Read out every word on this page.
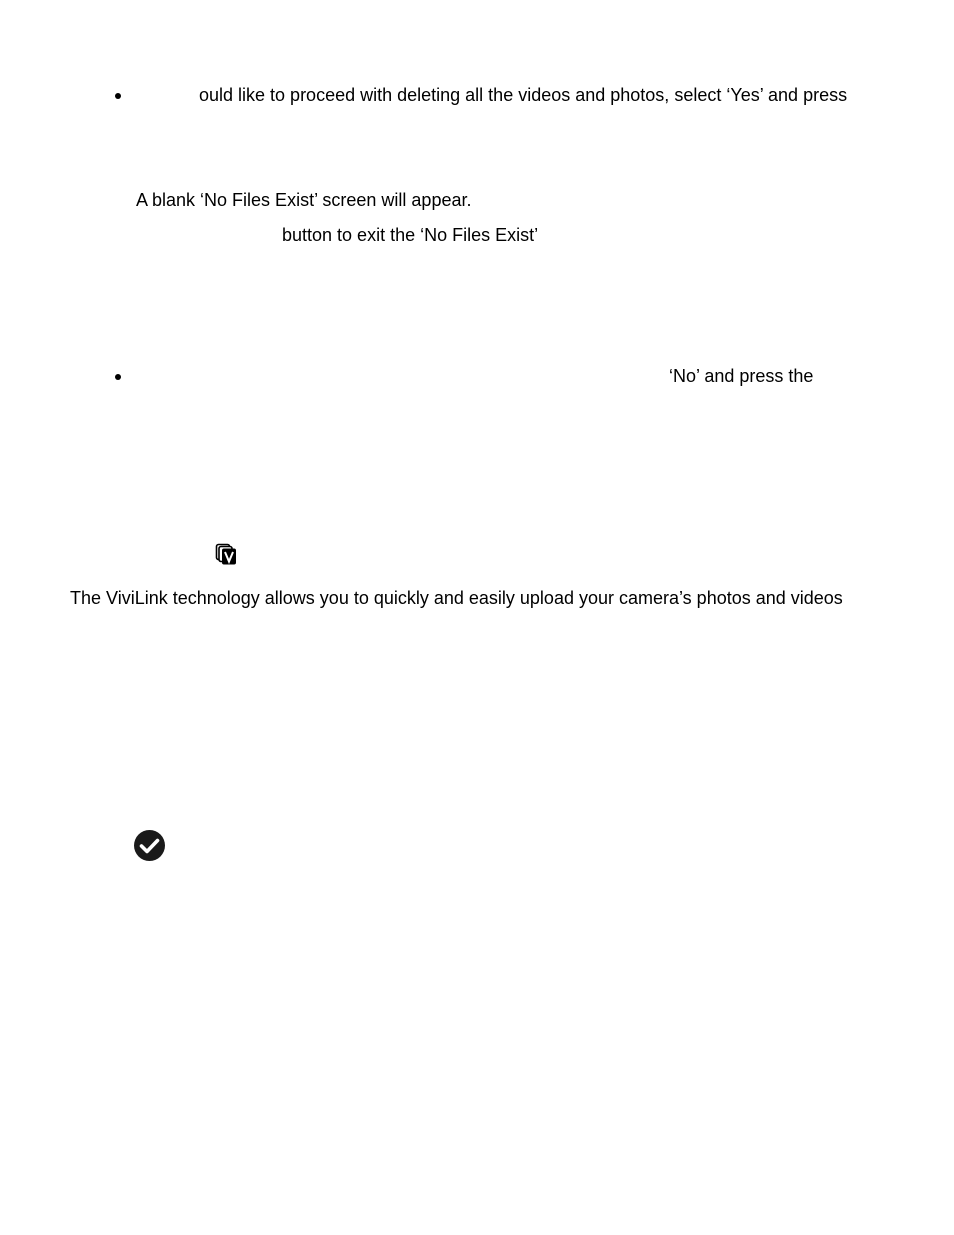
ould like to proceed with deleting all the videos and photos, select ‘Yes’ and press
A blank ‘No Files Exist’ screen will appear.
button to exit the ‘No Files Exist’
‘No’ and press the
The ViviLink technology allows you to quickly and easily upload your camera’s photos and videos
